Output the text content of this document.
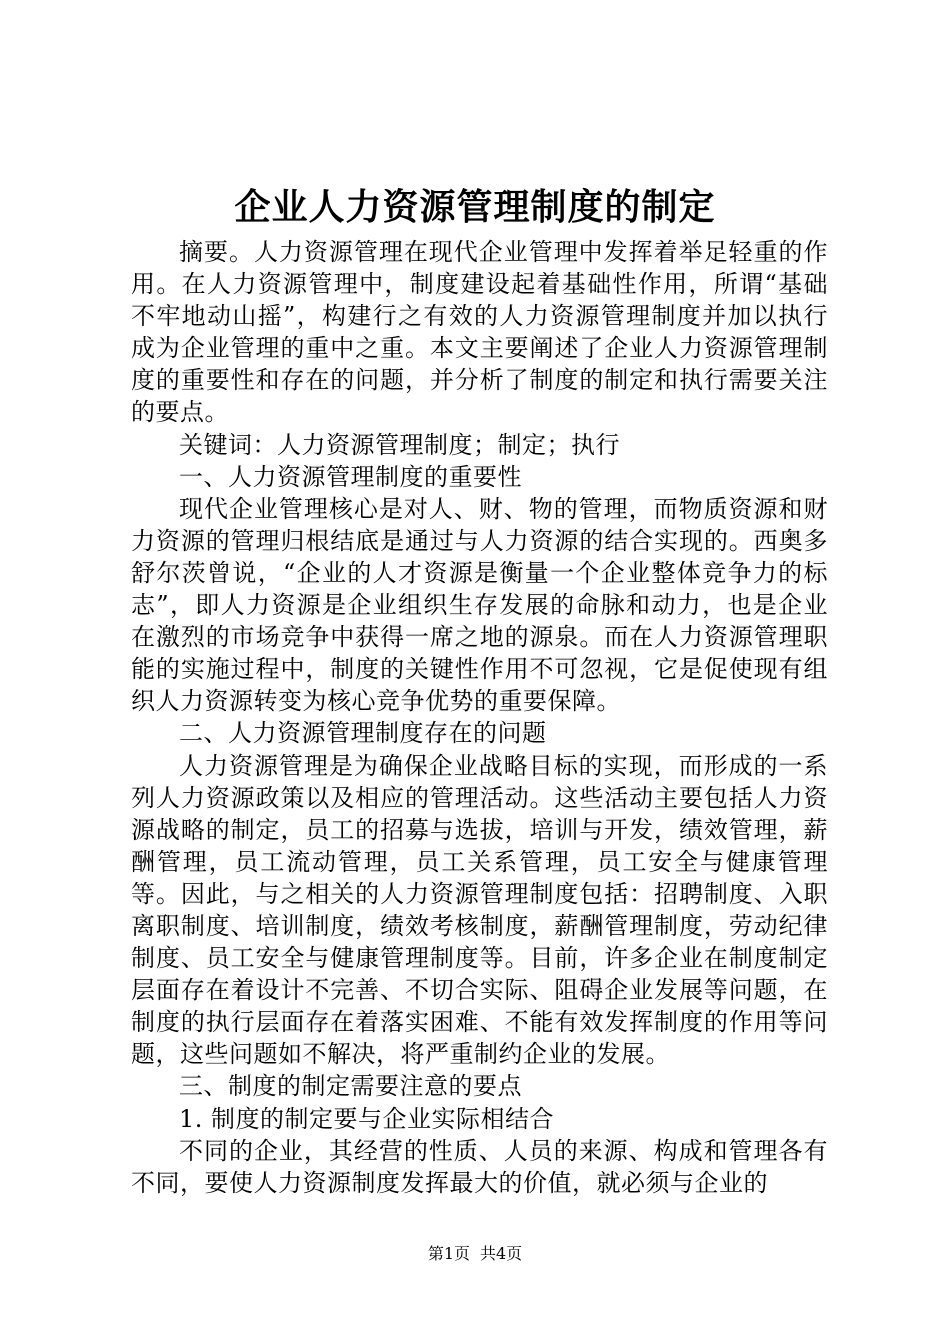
企业人力资源管理制度的制定

摘要。人力资源管理在现代企业管理中发挥着举足轻重的作用。在人力资源管理中，制度建设起着基础性作用，所谓“基础不牢地动山摇”，构建行之有效的人力资源管理制度并加以执行成为企业管理的重中之重。本文主要阐述了企业人力资源管理制度的重要性和存在的问题，并分析了制度的制定和执行需要关注的要点。

关键词：人力资源管理制度；制定；执行

一、人力资源管理制度的重要性

现代企业管理核心是对人、财、物的管理，而物质资源和财力资源的管理归根结底是通过与人力资源的结合实现的。西奥多舒尔茨曾说，“企业的人才资源是衡量一个企业整体竞争力的标志”，即人力资源是企业组织生存发展的命脉和动力，也是企业在激烈的市场竞争中获得一席之地的源泉。而在人力资源管理职能的实施过程中，制度的关键性作用不可忽视，它是促使现有组织人力资源转变为核心竞争优势的重要保障。

二、人力资源管理制度存在的问题

人力资源管理是为确保企业战略目标的实现，而形成的一系列人力资源政策以及相应的管理活动。这些活动主要包括人力资源战略的制定，员工的招募与选拔，培训与开发，绩效管理，薪酬管理，员工流动管理，员工关系管理，员工安全与健康管理等。因此，与之相关的人力资源管理制度包括：招聘制度、入职离职制度、培训制度，绩效考核制度，薪酬管理制度，劳动纪律制度、员工安全与健康管理制度等。目前，许多企业在制度制定层面存在着设计不完善、不切合实际、阻碍企业发展等问题，在制度的执行层面存在着落实困难、不能有效发挥制度的作用等问题，这些问题如不解决，将严重制约企业的发展。

三、制度的制定需要注意的要点

1. 制度的制定要与企业实际相结合

不同的企业，其经营的性质、人员的来源、构成和管理各有不同，要使人力资源制度发挥最大的价值，就必须与企业的

第1页 共4页
